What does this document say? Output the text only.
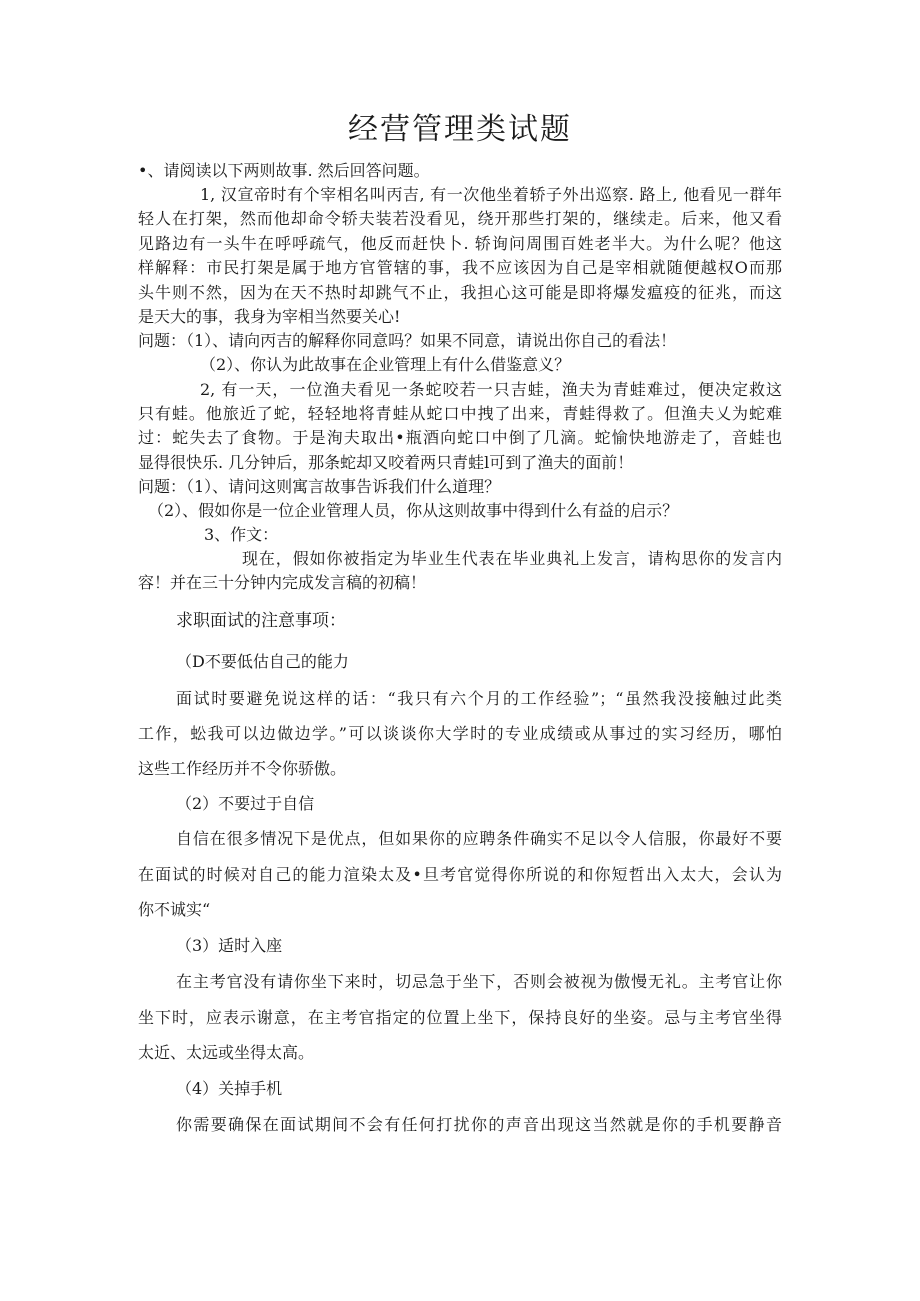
经营管理类试题
•、请阅读以下两则故事. 然后回答问题。
1, 汉宣帝时有个宰相名叫丙吉, 有一次他坐着轿子外出巡察. 路上, 他看见一群年
轻人在打架，然而他却命令轿夫装若没看见，绕开那些打架的，继续走。后来，他又看
见路边有一头牛在呼呼疏气，他反而赶快卜. 轿询问周围百姓老半大。为什么呢？他这
样解释：市民打架是属于地方官管辖的事，我不应该因为自己是宰相就随便越权O而那
头牛则不然，因为在天不热时却跳气不止，我担心这可能是即将爆发瘟疫的征兆，而这
是天大的事，我身为宰相当然要关心!
问题：（1）、请向丙吉的解释你同意吗？如果不同意，请说出你自己的看法！
（2）、你认为此故事在企业管理上有什么借鉴意义？
2, 有一天，一位渔夫看见一条蛇咬若一只吉蛙，渔夫为青蛙难过，便决定救这
只有蛙。他旅近了蛇，轻轻地将青蛙从蛇口中拽了出来，青蛙得救了。但渔夫乂为蛇难
过：蛇失去了食物。于是洵夫取出•瓶酒向蛇口中倒了几滴。蛇愉快地游走了，音蛙也
显得很快乐. 几分钟后，那条蛇却又咬着两只青蛙l可到了渔夫的面前！
问题：（1）、请问这则寓言故事告诉我们什么道理？
（2）、假如你是一位企业管理人员，你从这则故事中得到什么有益的启示？
3、作文：
现在，假如你被指定为毕业生代表在毕业典礼上发言，请构思你的发言内
容！并在三十分钟内完成发言稿的初稿！
求职面试的注意事项：
（D不要低估自己的能力
面试时要避免说这样的话：“我只有六个月的工作经验”；“虽然我没接触过此类
工作，蚣我可以边做边学。”可以谈谈你大学时的专业成绩或从事过的实习经历，哪怕
这些工作经历并不令你骄傲。
（2）不要过于自信
自信在很多情况下是优点，但如果你的应聘条件确实不足以令人信服，你最好不要
在面试的时候对自己的能力渲染太及•旦考官觉得你所说的和你短哲出入太大，会认为
你不诚实“
（3）适时入座
在主考官没有请你坐下来时，切忌急于坐下，否则会被视为傲慢无礼。主考官让你
坐下时，应表示谢意，在主考官指定的位置上坐下，保持良好的坐姿。忌与主考官坐得
太近、太远或坐得太高。
（4）关掉手机
你需要确保在面试期间不会有任何打扰你的声音出现这当然就是你的手机要静音
